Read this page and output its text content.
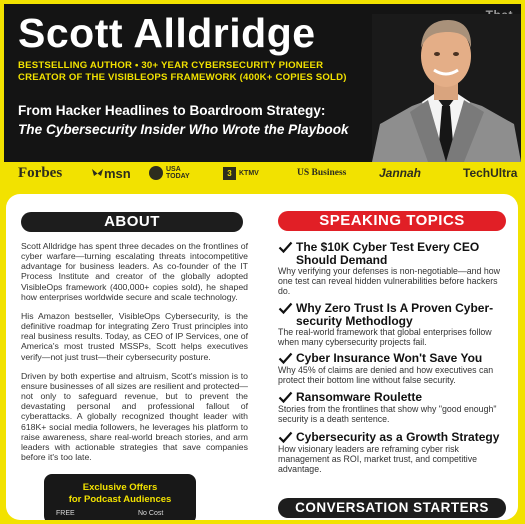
Scott Alldridge
BESTSELLING AUTHOR • 30+ YEAR CYBERSECURITY PIONEER
CREATOR OF THE VISIBLEOPS FRAMEWORK (400K+ COPIES SOLD)
From Hacker Headlines to Boardroom Strategy:
The Cybersecurity Insider Who Wrote the Playbook
Forbes	msn	USA TODAY	3	KTMV	US Business	Jannah	TechUltra
ABOUT

Scott Alldridge has spent three decades on the frontlines of cyber warfare—turning escalating threats intocompetitive advantage for business leaders. As co-founder of the IT Process Institute and creator of the globally adopted VisibleOps framework (400,000+ copies sold), he shaped how enterprises worldwide secure and scale technology.

His Amazon bestseller, VisibleOps Cybersecurity, is the definitive roadmap for integrating Zero Trust principles into real business results. Today, as CEO of IP Services, one of America's most trusted MSSPs, Scott helps executives verify—not just trust—their cybersecurity posture.

Driven by both expertise and altruism, Scott's mission is to ensure businesses of all sizes are resilient and protected—not only to safeguard revenue, but to prevent the devastating personal and professional fallout of cyberattacks. A globally recognized thought leader with 618K+ social media followers, he leverages his platform to raise awareness, share real-world breach stories, and arm leaders with actionable strategies that save companies before it's too late.

Exclusive Offers
for Podcast Audiences
FREE	No Cost
SPEAKING TOPICS
The $10K Cyber Test Every CEO Should Demand
Why verifying your defenses is non-negotiable—and how one test can reveal hidden vulnerabilities before hackers do.
Why Zero Trust Is A Proven Cyber-security Methodlogy
The real-world framework that global enterprises follow when many cybersecurity projects fail.
Cyber Insurance Won't Save You
Why 45% of claims are denied and how executives can protect their bottom line without false security.
Ransomware Roulette
Stories from the frontlines that show why "good enough" security is a death sentence.
Cybersecurity as a Growth Strategy
How visionary leaders are reframing cyber risk management as ROI, market trust, and competitive advantage.
CONVERSATION STARTERS
